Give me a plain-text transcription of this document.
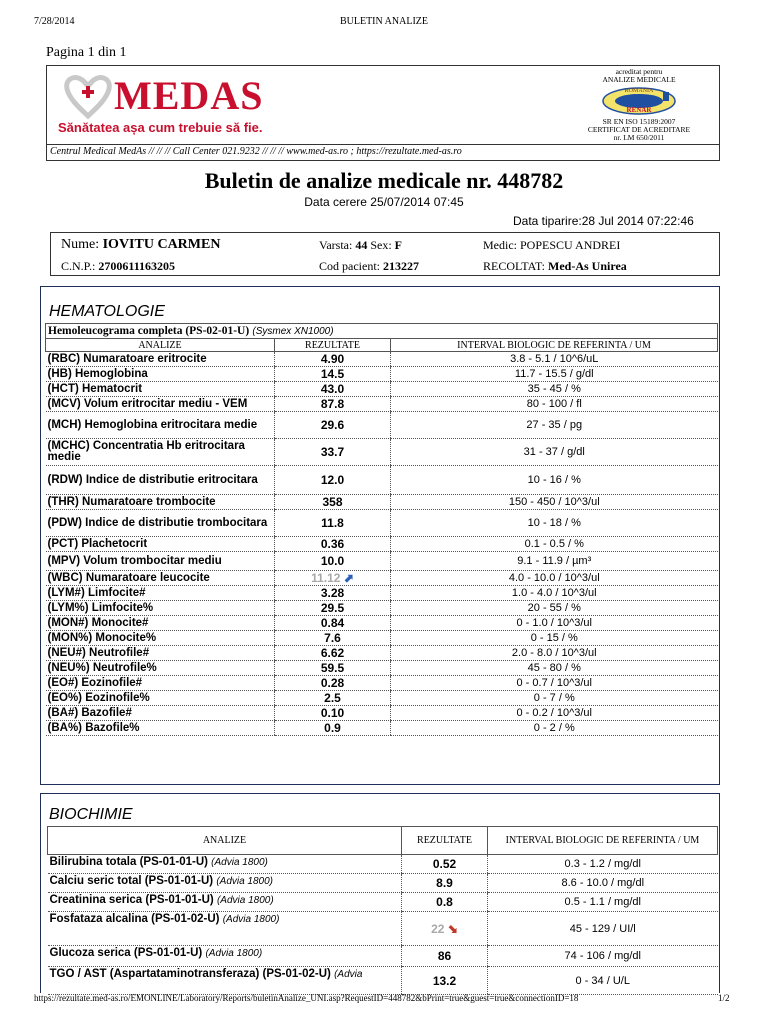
7/28/2014	BULETIN ANALIZE
Pagina 1 din 1
MEDAS
Sănătatea așa cum trebuie să fie.
acreditat pentru
ANALIZE MEDICALE
ROMANIA
RENAR
SR EN ISO 15189:2007
CERTIFICAT DE ACREDITARE
nr. LM 650/2011
Centrul Medical MedAs // // // Call Center 021.9232 // // // www.med-as.ro ; https://rezultate.med-as.ro
Buletin de analize medicale nr. 448782
Data cerere 25/07/2014 07:45
Data tiparire:28 Jul 2014 07:22:46
Nume: IOVITU CARMEN	Varsta: 44 Sex: F	Medic: POPESCU ANDREI
C.N.P.: 2700611163205	Cod pacient: 213227	RECOLTAT: Med-As Unirea
HEMATOLOGIE
Hemoleucograma completa (PS-02-01-U) (Sysmex XN1000)		
ANALIZE	REZULTATE	INTERVAL BIOLOGIC DE REFERINTA / UM
(RBC) Numaratoare eritrocite	4.90	3.8 - 5.1 / 10^6/uL
(HB) Hemoglobina	14.5	11.7 - 15.5 / g/dl
(HCT) Hematocrit	43.0	35 - 45 / %
(MCV) Volum eritrocitar mediu - VEM	87.8	80 - 100 / fl
(MCH) Hemoglobina eritrocitara medie	29.6	27 - 35 / pg
(MCHC) Concentratia Hb eritrocitara medie	33.7	31 - 37 / g/dl
(RDW) Indice de distributie eritrocitara	12.0	10 - 16 / %
(THR) Numaratoare trombocite	358	150 - 450 / 10^3/ul
(PDW) Indice de distributie trombocitara	11.8	10 - 18 / %
(PCT) Plachetocrit	0.36	0.1 - 0.5 / %
(MPV) Volum trombocitar mediu	10.0	9.1 - 11.9 / µm³
(WBC) Numaratoare leucocite	11.12 ⬈	4.0 - 10.0 / 10^3/ul
(LYM#) Limfocite#	3.28	1.0 - 4.0 / 10^3/ul
(LYM%) Limfocite%	29.5	20 - 55 / %
(MON#) Monocite#	0.84	0 - 1.0 / 10^3/ul
(MON%) Monocite%	7.6	0 - 15 / %
(NEU#) Neutrofile#	6.62	2.0 - 8.0 / 10^3/ul
(NEU%) Neutrofile%	59.5	45 - 80 / %
(EO#) Eozinofile#	0.28	0 - 0.7 / 10^3/ul
(EO%) Eozinofile%	2.5	0 - 7 / %
(BA#) Bazofile#	0.10	0 - 0.2 / 10^3/ul
(BA%) Bazofile%	0.9	0 - 2 / %
BIOCHIMIE
ANALIZE	REZULTATE	INTERVAL BIOLOGIC DE REFERINTA / UM
Bilirubina totala (PS-01-01-U) (Advia 1800)	0.52	0.3 - 1.2 / mg/dl
Calciu seric total (PS-01-01-U) (Advia 1800)	8.9	8.6 - 10.0 / mg/dl
Creatinina serica (PS-01-01-U) (Advia 1800)	0.8	0.5 - 1.1 / mg/dl
Fosfataza alcalina (PS-01-02-U) (Advia 1800)	22 ⬊	45 - 129 / UI/l
Glucoza serica (PS-01-01-U) (Advia 1800)	86	74 - 106 / mg/dl
TGO / AST (Aspartataminotransferaza) (PS-01-02-U) (Advia	13.2	0 - 34 / U/L
https://rezultate.med-as.ro/EMONLINE/Laboratory/Reports/buletinAnalize_UNI.asp?RequestID=448782&bPrint=true&guest=true&connectionID=18	1/2
